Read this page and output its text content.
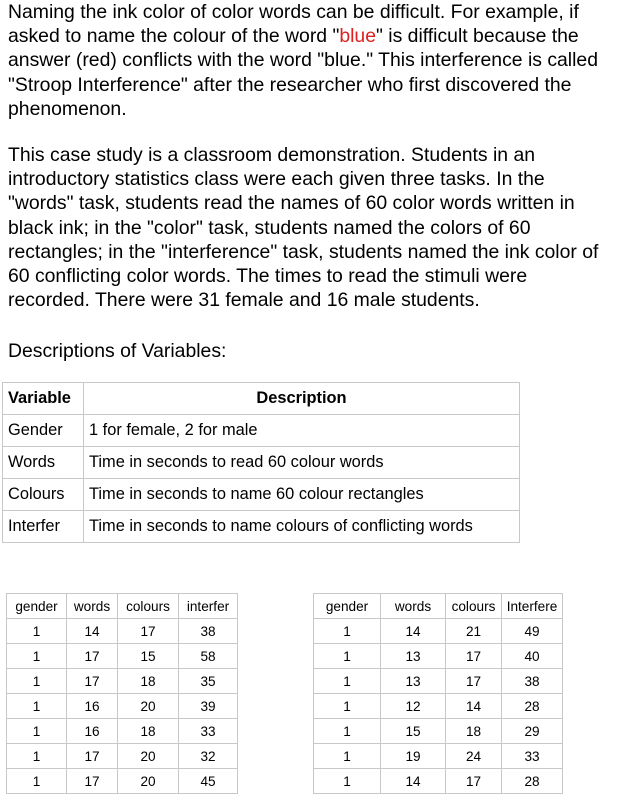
Naming the ink color of color words can be difficult. For example, if asked to name the colour of the word "blue" is difficult because the answer (red) conflicts with the word "blue." This interference is called "Stroop Interference" after the researcher who first discovered the phenomenon.

This case study is a classroom demonstration. Students in an introductory statistics class were each given three tasks. In the "words" task, students read the names of 60 color words written in black ink; in the "color" task, students named the colors of 60 rectangles; in the "interference" task, students named the ink color of 60 conflicting color words. The times to read the stimuli were recorded. There were 31 female and 16 male students.

Descriptions of Variables:

Variable	Description
Gender	1 for female, 2 for male
Words	Time in seconds to read 60 colour words
Colours	Time in seconds to name 60 colour rectangles
Interfer	Time in seconds to name colours of conflicting words
gender	words	colours	interfer
1	14	17	38
1	17	15	58
1	17	18	35
1	16	20	39
1	16	18	33
1	17	20	32
1	17	20	45
gender	words	colours	Interfere
1	14	21	49
1	13	17	40
1	13	17	38
1	12	14	28
1	15	18	29
1	19	24	33
1	14	17	28
